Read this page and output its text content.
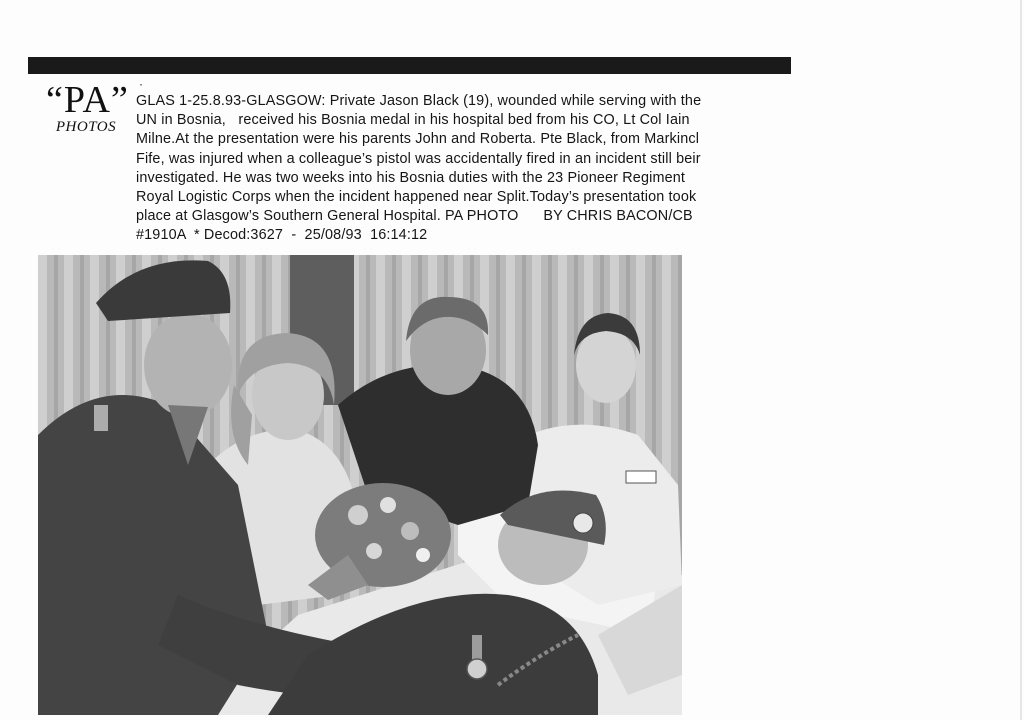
·
“PA”
PHOTOS
GLAS 1-25.8.93-GLASGOW: Private Jason Black (19), wounded while serving with the
UN in Bosnia,   received his Bosnia medal in his hospital bed from his CO, Lt Col Iain
Milne.At the presentation were his parents John and Roberta. Pte Black, from Markincl
Fife, was injured when a colleague’s pistol was accidentally fired in an incident still beir
investigated. He was two weeks into his Bosnia duties with the 23 Pioneer Regiment
Royal Logistic Corps when the incident happened near Split.Today’s presentation took
place at Glasgow’s Southern General Hospital. PA PHOTO      BY CHRIS BACON/CB
#1910A  * Decod:3627  -  25/08/93  16:14:12
